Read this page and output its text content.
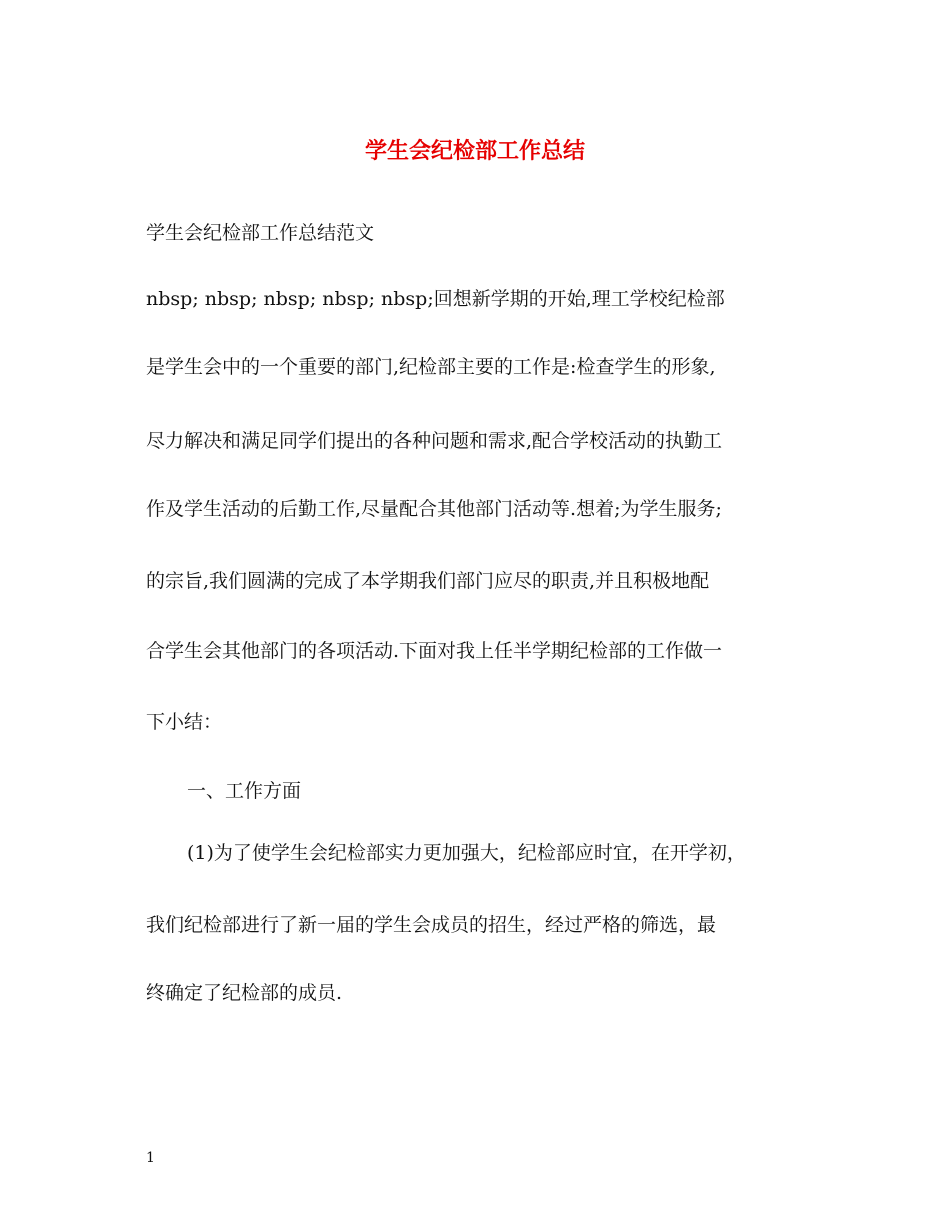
学生会纪检部工作总结

学生会纪检部工作总结范文

nbsp; nbsp; nbsp; nbsp; nbsp;回想新学期的开始,理工学校纪检部

是学生会中的一个重要的部门,纪检部主要的工作是:检查学生的形象,

尽力解决和满足同学们提出的各种问题和需求,配合学校活动的执勤工

作及学生活动的后勤工作,尽量配合其他部门活动等.想着;为学生服务;

的宗旨,我们圆满的完成了本学期我们部门应尽的职责,并且积极地配

合学生会其他部门的各项活动.下面对我上任半学期纪检部的工作做一

下小结：

一、工作方面

(1)为了使学生会纪检部实力更加强大，纪检部应时宜，在开学初，

我们纪检部进行了新一届的学生会成员的招生，经过严格的筛选，最

终确定了纪检部的成员.

1
